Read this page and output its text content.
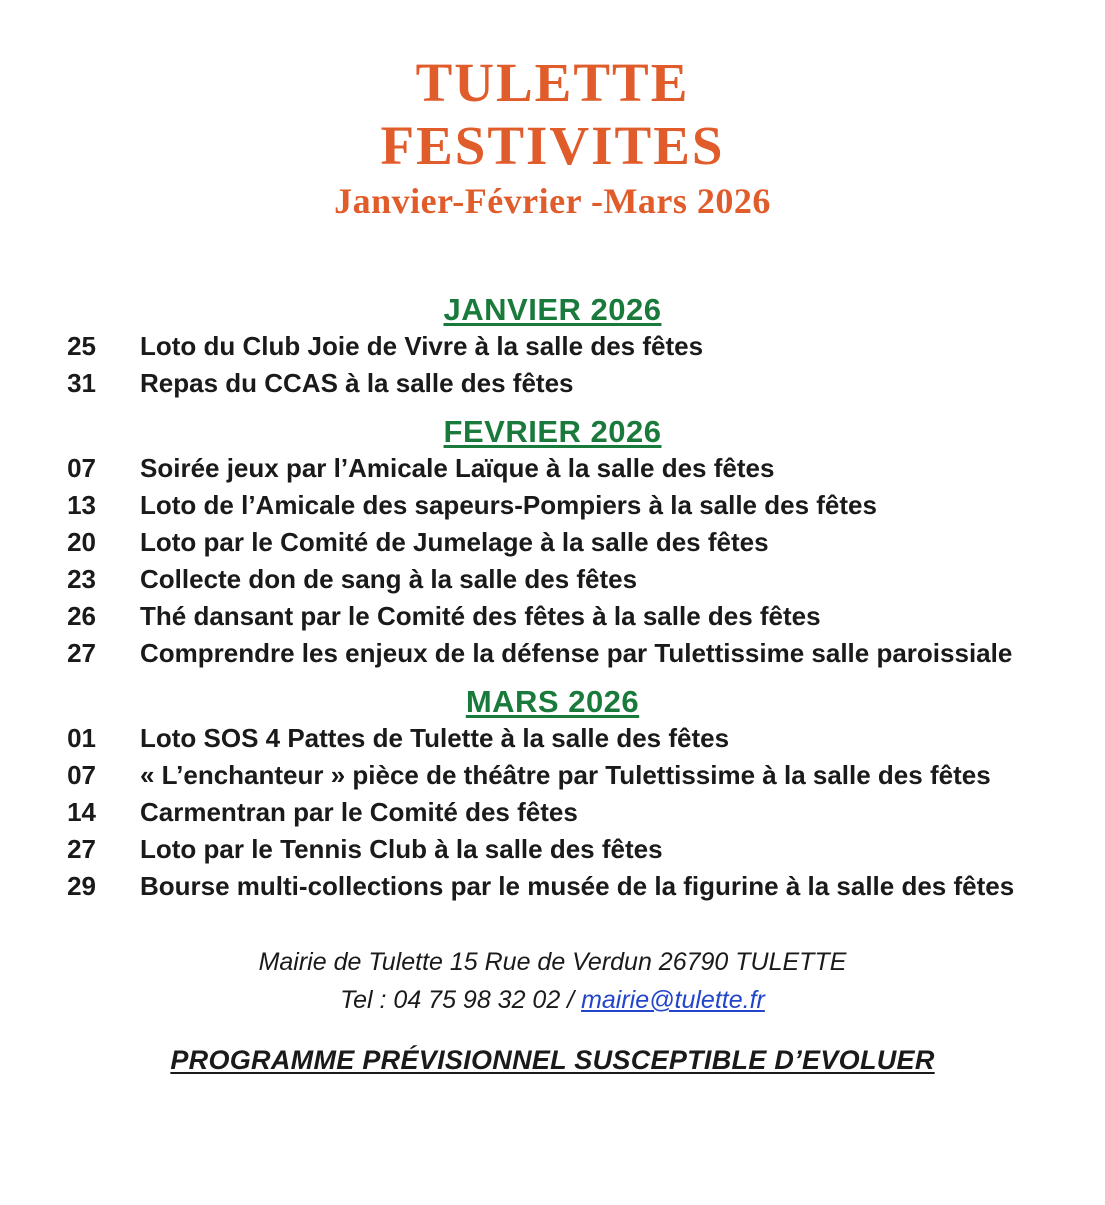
TULETTE
FESTIVITES
Janvier-Février -Mars 2026
JANVIER 2026
25	Loto du Club Joie de Vivre à la salle des fêtes
31	Repas du CCAS à la salle des fêtes
FEVRIER 2026
07	Soirée jeux par l’Amicale Laïque à la salle des fêtes
13	Loto de l’Amicale des sapeurs-Pompiers à la salle des fêtes
20	Loto par le Comité de Jumelage à la salle des fêtes
23	Collecte don de sang à la salle des fêtes
26	Thé dansant par le Comité des fêtes à la salle des fêtes
27	Comprendre les enjeux de la défense par Tulettissime salle paroissiale
MARS 2026
01	Loto SOS 4 Pattes de Tulette à la salle des fêtes
07	« L’enchanteur » pièce de théâtre par Tulettissime à la salle des fêtes
14	Carmentran par le Comité des fêtes
27	Loto par le Tennis Club à la salle des fêtes
29	Bourse multi-collections par le musée de la figurine à la salle des fêtes
Mairie de Tulette 15 Rue de Verdun 26790 TULETTE
Tel : 04 75 98 32 02 / mairie@tulette.fr
PROGRAMME PRÉVISIONNEL SUSCEPTIBLE D’EVOLUER
